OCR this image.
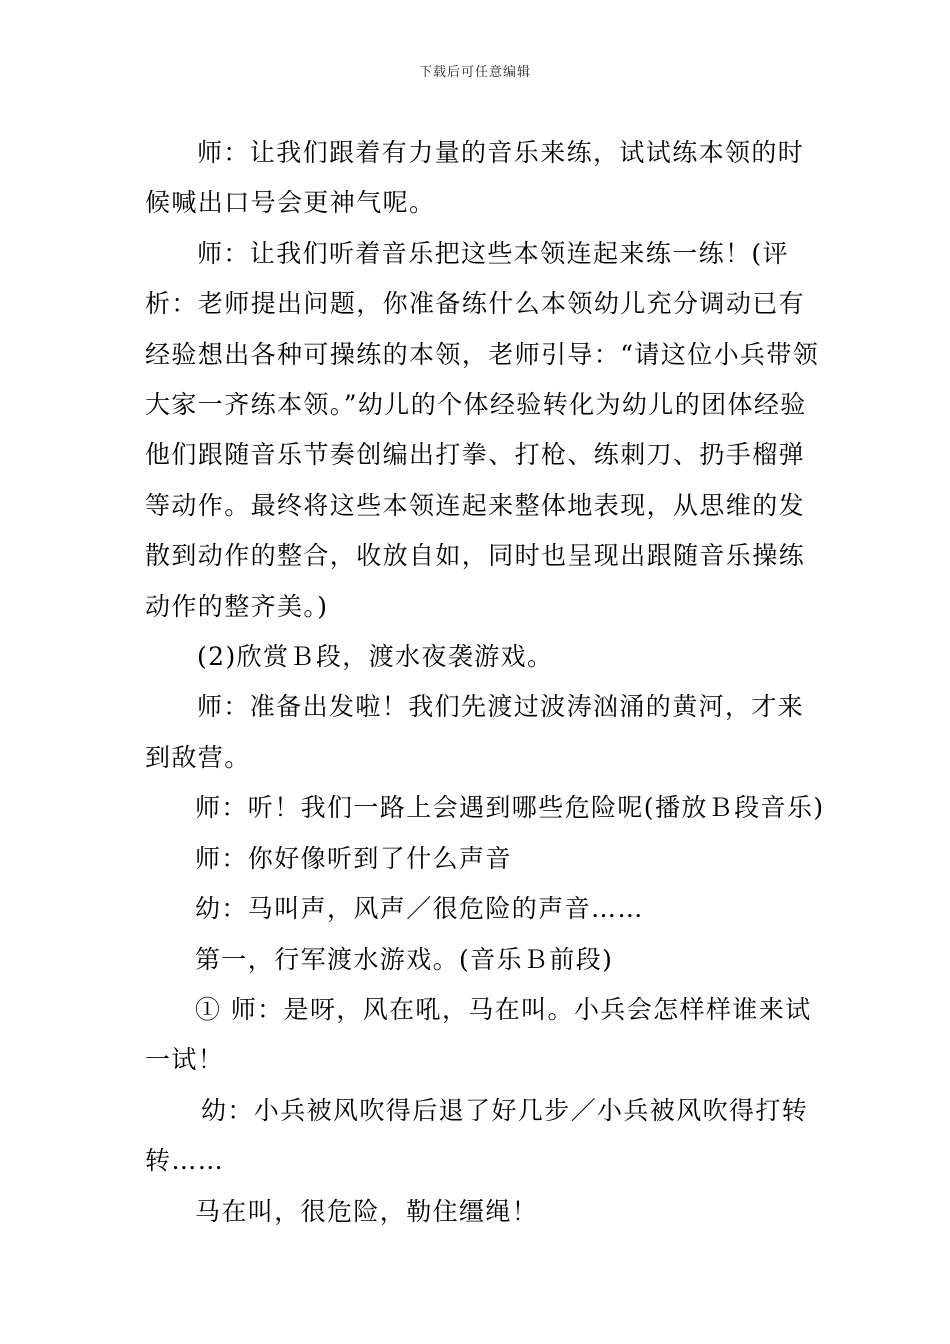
下载后可任意编辑

师：让我们跟着有力量的音乐来练，试试练本领的时候喊出口号会更神气呢。

师：让我们听着音乐把这些本领连起来练一练！(评析：老师提出问题，你准备练什么本领幼儿充分调动已有经验想出各种可操练的本领，老师引导：“请这位小兵带领大家一齐练本领。”幼儿的个体经验转化为幼儿的团体经验他们跟随音乐节奏创编出打拳、打枪、练刺刀、扔手榴弹等动作。最终将这些本领连起来整体地表现，从思维的发散到动作的整合，收放自如，同时也呈现出跟随音乐操练动作的整齐美。)

(2)欣赏Ｂ段，渡水夜袭游戏。

师：准备出发啦！我们先渡过波涛汹涌的黄河，才来到敌营。

师：听！我们一路上会遇到哪些危险呢(播放Ｂ段音乐)

师：你好像听到了什么声音

幼：马叫声，风声／很危险的声音……

第一，行军渡水游戏。(音乐Ｂ前段)

① 师：是呀，风在吼，马在叫。小兵会怎样样谁来试一试！

幼：小兵被风吹得后退了好几步／小兵被风吹得打转转……

马在叫，很危险，勒住缰绳！
